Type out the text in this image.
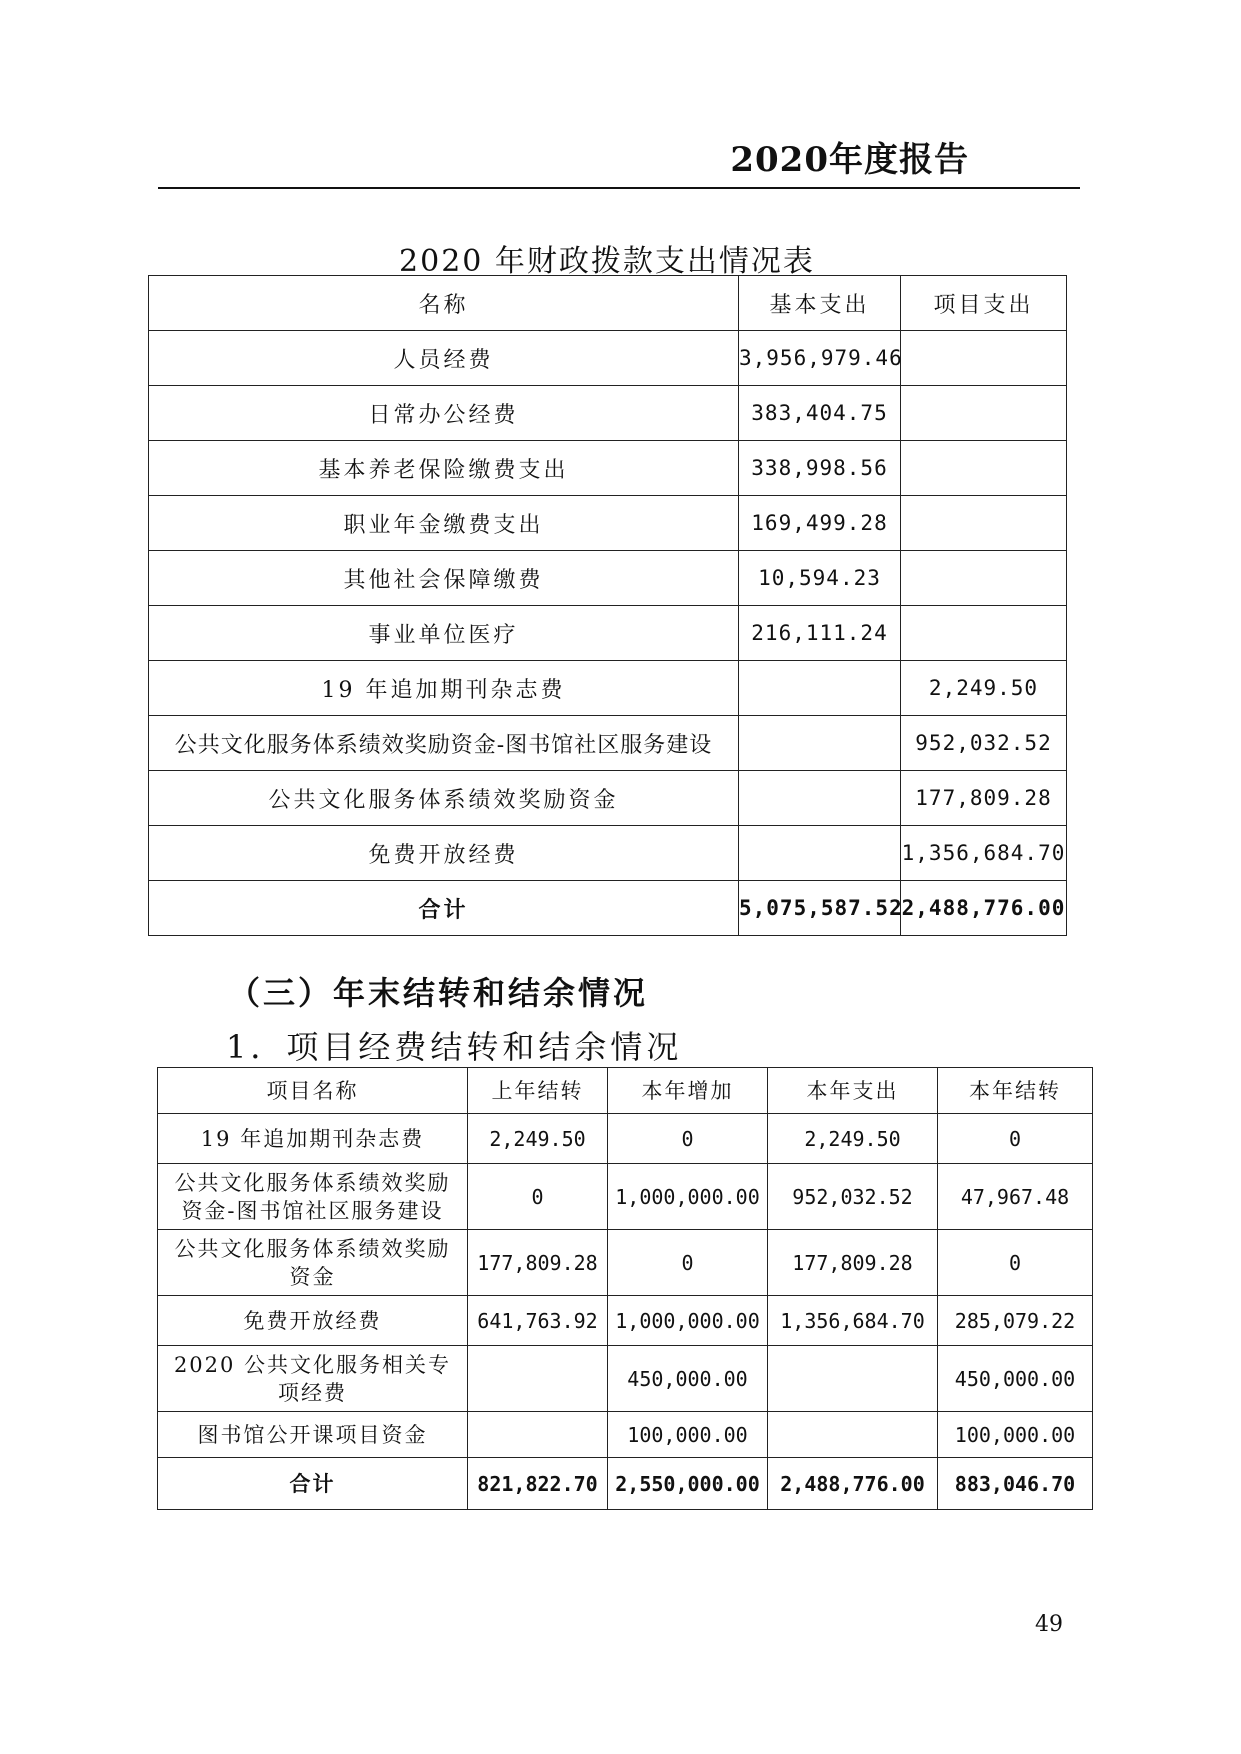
2020年度报告
2020 年财政拨款支出情况表
名称	基本支出	项目支出
人员经费	3,956,979.46	
日常办公经费	383,404.75	
基本养老保险缴费支出	338,998.56	
职业年金缴费支出	169,499.28	
其他社会保障缴费	10,594.23	
事业单位医疗	216,111.24	
19 年追加期刊杂志费		2,249.50
公共文化服务体系绩效奖励资金-图书馆社区服务建设		952,032.52
公共文化服务体系绩效奖励资金		177,809.28
免费开放经费		1,356,684.70
合计	5,075,587.52	2,488,776.00
（三）年末结转和结余情况
1．项目经费结转和结余情况
项目名称	上年结转	本年增加	本年支出	本年结转
19 年追加期刊杂志费	2,249.50	0	2,249.50	0
公共文化服务体系绩效奖励资金-图书馆社区服务建设	0	1,000,000.00	952,032.52	47,967.48
公共文化服务体系绩效奖励资金	177,809.28	0	177,809.28	0
免费开放经费	641,763.92	1,000,000.00	1,356,684.70	285,079.22
2020 公共文化服务相关专项经费		450,000.00		450,000.00
图书馆公开课项目资金		100,000.00		100,000.00
合计	821,822.70	2,550,000.00	2,488,776.00	883,046.70
49
